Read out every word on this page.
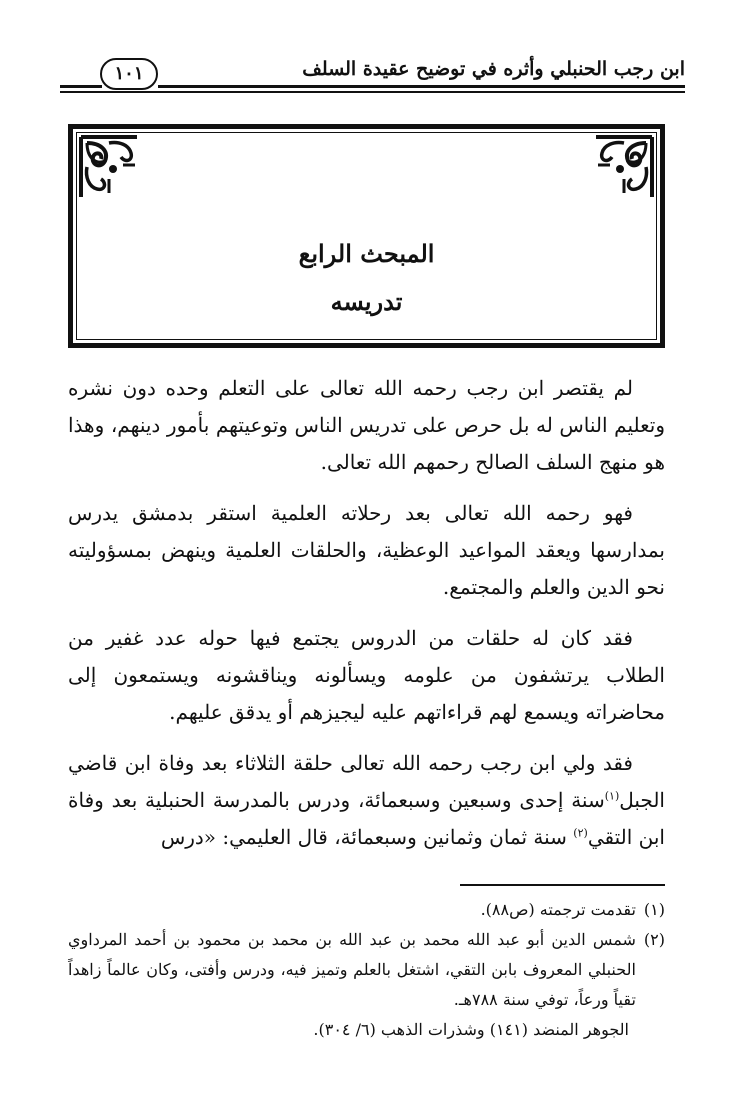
ابن رجب الحنبلي وأثره في توضيح عقيدة السلف
١٠١
المبحث الرابع
تدريسه

لم يقتصر ابن رجب رحمه الله تعالى على التعلم وحده دون نشره وتعليم الناس له بل حرص على تدريس الناس وتوعيتهم بأمور دينهم، وهذا هو منهج السلف الصالح رحمهم الله تعالى.

فهو رحمه الله تعالى بعد رحلاته العلمية استقر بدمشق يدرس بمدارسها ويعقد المواعيد الوعظية، والحلقات العلمية وينهض بمسؤوليته نحو الدين والعلم والمجتمع.

فقد كان له حلقات من الدروس يجتمع فيها حوله عدد غفير من الطلاب يرتشفون من علومه ويسألونه ويناقشونه ويستمعون إلى محاضراته ويسمع لهم قراءاتهم عليه ليجيزهم أو يدقق عليهم.

فقد ولي ابن رجب رحمه الله تعالى حلقة الثلاثاء بعد وفاة ابن قاضي الجبل$^{(١)}$سنة إحدى وسبعين وسبعمائة، ودرس بالمدرسة الحنبلية بعد وفاة ابن التقي$^{(٢)}$ سنة ثمان وثمانين وسبعمائة، قال العليمي: «درس

(١)
تقدمت ترجمته (ص٨٨).
(٢)
شمس الدين أبو عبد الله محمد بن عبد الله بن محمد بن محمود بن أحمد المرداوي الحنبلي المعروف بابن التقي، اشتغل بالعلم وتميز فيه، ودرس وأفتى، وكان عالماً زاهداً تقياً ورعاً، توفي سنة ٧٨٨هـ.
الجوهر المنضد (١٤١) وشذرات الذهب (٦/ ٣٠٤).
